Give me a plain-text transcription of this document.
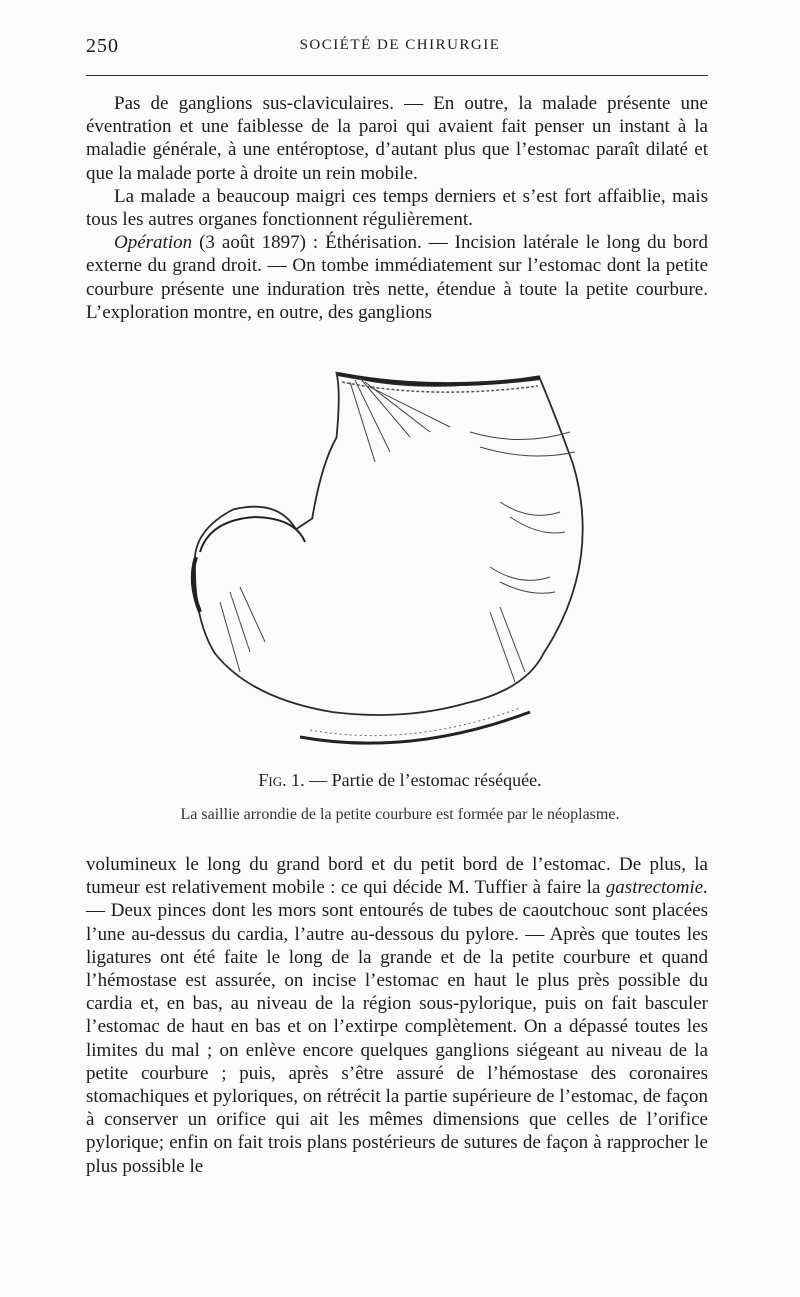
250	SOCIÉTÉ DE CHIRURGIE

Pas de ganglions sus-claviculaires. — En outre, la malade présente une éventration et une faiblesse de la paroi qui avaient fait penser un instant à la maladie générale, à une entéroptose, d’autant plus que l’estomac paraît dilaté et que la malade porte à droite un rein mobile.

La malade a beaucoup maigri ces temps derniers et s’est fort affaiblie, mais tous les autres organes fonctionnent régulièrement.

Opération (3 août 1897) : Éthérisation. — Incision latérale le long du bord externe du grand droit. — On tombe immédiatement sur l’estomac dont la petite courbure présente une induration très nette, étendue à toute la petite courbure. L’exploration montre, en outre, des ganglions

Fig. 1. — Partie de l’estomac réséquée.
La saillie arrondie de la petite courbure est formée par le néoplasme.

volumineux le long du grand bord et du petit bord de l’estomac. De plus, la tumeur est relativement mobile : ce qui décide M. Tuffier à faire la gastrectomie. — Deux pinces dont les mors sont entourés de tubes de caoutchouc sont placées l’une au-dessus du cardia, l’autre au-dessous du pylore. — Après que toutes les ligatures ont été faite le long de la grande et de la petite courbure et quand l’hémostase est assurée, on incise l’estomac en haut le plus près possible du cardia et, en bas, au niveau de la région sous-pylorique, puis on fait basculer l’estomac de haut en bas et on l’extirpe complètement. On a dépassé toutes les limites du mal ; on enlève encore quelques ganglions siégeant au niveau de la petite courbure ; puis, après s’être assuré de l’hémostase des coronaires stomachiques et pyloriques, on rétrécit la partie supérieure de l’estomac, de façon à conserver un orifice qui ait les mêmes dimensions que celles de l’orifice pylorique; enfin on fait trois plans postérieurs de sutures de façon à rapprocher le plus possible le
